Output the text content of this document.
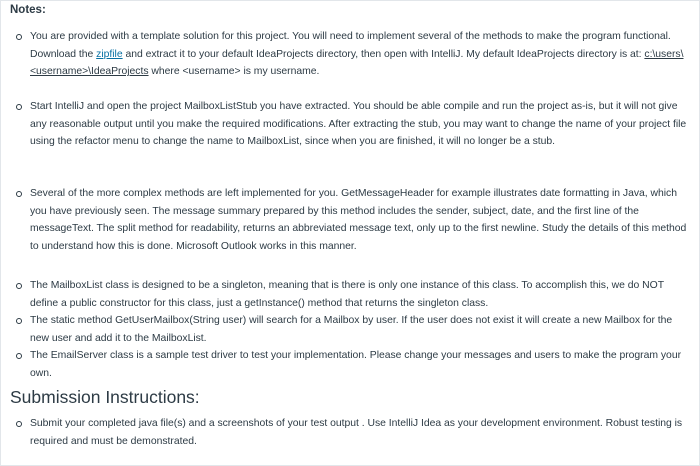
Notes:
You are provided with a template solution for this project. You will need to implement several of the methods to make the program functional. Download the zipfile and extract it to your default IdeaProjects directory, then open with IntelliJ. My default IdeaProjects directory is at: c:\users\<username>\IdeaProjects where <username> is my username.
Start IntelliJ and open the project MailboxListStub you have extracted. You should be able compile and run the project as-is, but it will not give any reasonable output until you make the required modifications. After extracting the stub, you may want to change the name of your project file using the refactor menu to change the name to MailboxList, since when you are finished, it will no longer be a stub.
Several of the more complex methods are left implemented for you. GetMessageHeader for example illustrates date formatting in Java, which you have previously seen. The message summary prepared by this method includes the sender, subject, date, and the first line of the messageText. The split method for readability, returns an abbreviated message text, only up to the first newline. Study the details of this method to understand how this is done. Microsoft Outlook works in this manner.
The MailboxList class is designed to be a singleton, meaning that is there is only one instance of this class. To accomplish this, we do NOT define a public constructor for this class, just a getInstance() method that returns the singleton class.
The static method GetUserMailbox(String user) will search for a Mailbox by user. If the user does not exist it will create a new Mailbox for the new user and add it to the MailboxList.
The EmailServer class is a sample test driver to test your implementation. Please change your messages and users to make the program your own.
Submission Instructions:
Submit your completed java file(s) and a screenshots of your test output . Use IntelliJ Idea as your development environment. Robust testing is required and must be demonstrated.
